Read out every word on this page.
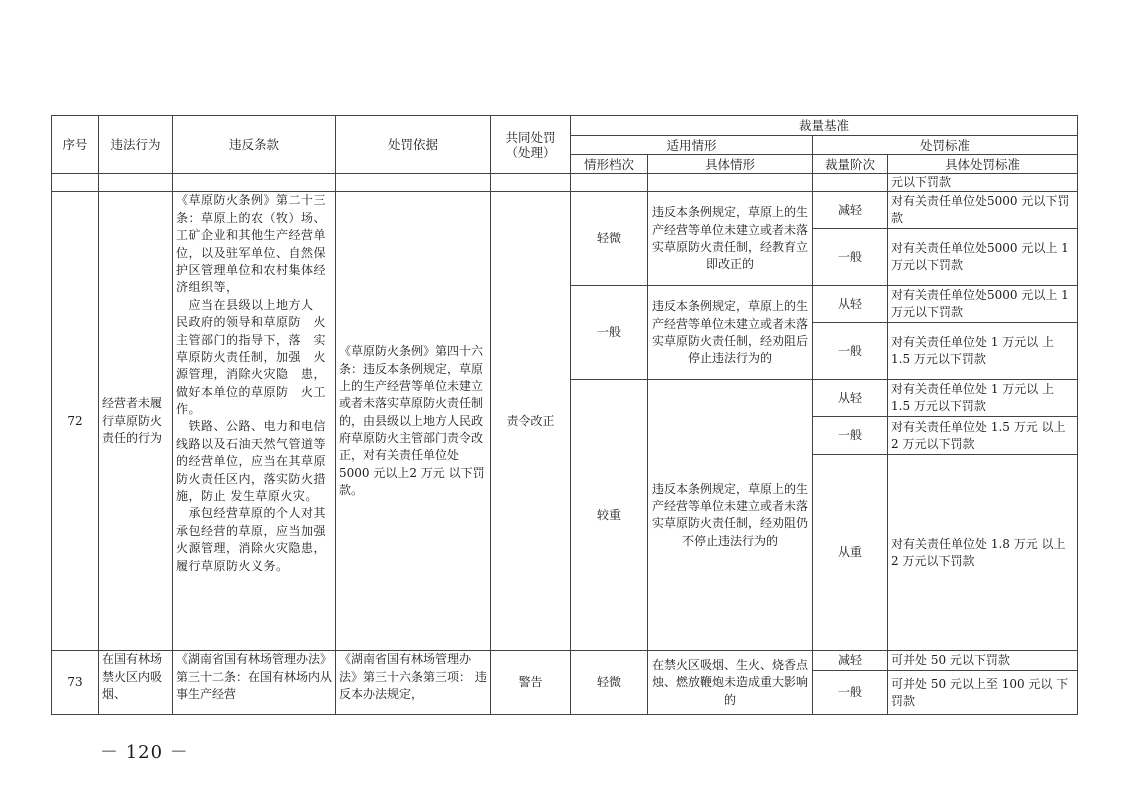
序号	违法行为	违反条款	处罚依据	共同处罚
（处理）	裁量基准			
					适用情形		处罚标准	
					情形档次	具体情形	裁量阶次	具体处罚标准
								元以下罚款
72	经营者未履行草原防火责任的行为	《草原防火条例》第二十三条：草原上的农（牧）场、工矿企业和其他生产经营单位，以及驻军单位、自然保护区管理单位和农村集体经济组织等，
　应当在县级以上地方人　民政府的领导和草原防　火主管部门的指导下，落　实草原防火责任制，加强　火源管理，消除火灾隐　患，做好本单位的草原防　火工作。
　铁路、公路、电力和电信线路以及石油天然气管道等的经营单位，应当在其草原防火责任区内，落实防火措施，防止 发生草原火灾。
　承包经营草原的个人对其承包经营的草原，应当加强火源管理，消除火灾隐患，履行草原防火义务。	《草原防火条例》第四十六条：违反本条例规定，草原上的生产经营等单位未建立或者未落实草原防火责任制的，由县级以上地方人民政府草原防火主管部门责令改正，对有关责任单位处 5000 元以上2 万元 以下罚款。	责令改正	轻微	违反本条例规定，草原上的生产经营等单位未建立或者未落实草原防火责任制，经教育立即改正的	减轻	对有关责任单位处5000 元以下罚款
							一般	对有关责任单位处5000 元以上 1 万元以下罚款
					一般	违反本条例规定，草原上的生产经营等单位未建立或者未落实草原防火责任制，经劝阻后停止违法行为的	从轻	对有关责任单位处5000 元以上 1 万元以下罚款
							一般	对有关责任单位处 1 万元以 上 1.5 万元以下罚款
					较重	违反本条例规定，草原上的生产经营等单位未建立或者未落实草原防火责任制，经劝阻仍不停止违法行为的	从轻	对有关责任单位处 1 万元以 上 1.5 万元以下罚款
							一般	对有关责任单位处 1.5 万元 以上 2 万元以下罚款
							从重	对有关责任单位处 1.8 万元 以上 2 万元以下罚款
73	在国有林场禁火区内吸烟、	《湖南省国有林场管理办法》第三十二条：在国有林场内从事生产经营	《湖南省国有林场管理办法》第三十六条第三项： 违反本办法规定，	警告	轻微	在禁火区吸烟、生火、烧香点烛、燃放鞭炮未造成重大影响的	减轻	可并处 50 元以下罚款
							一般	可并处 50 元以上至 100 元以 下罚款
－ 120 －
